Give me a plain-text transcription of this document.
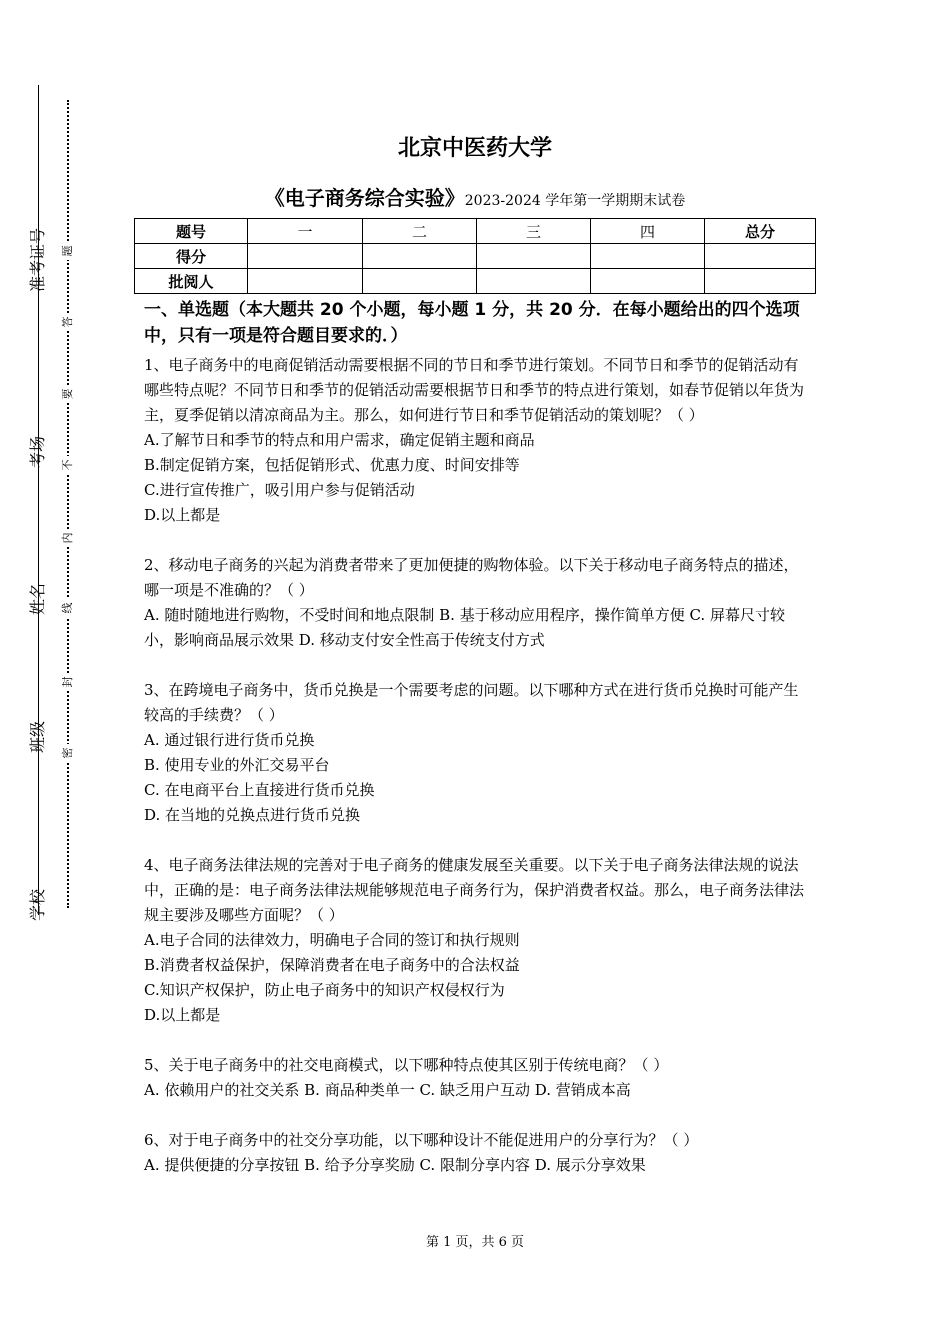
准考证号
考场
姓名
班级
学校
题
答
要
不
内
线
封
密
北京中医药大学
《电子商务综合实验》2023-2024 学年第一学期期末试卷
题号	一	二	三	四	总分
得分					
批阅人					

一、单选题（本大题共 20 个小题，每小题 1 分，共 20 分．在每小题给出的四个选项中，只有一项是符合题目要求的．）

1、电子商务中的电商促销活动需要根据不同的节日和季节进行策划。不同节日和季节的促销活动有哪些特点呢？不同节日和季节的促销活动需要根据节日和季节的特点进行策划，如春节促销以年货为主，夏季促销以清凉商品为主。那么，如何进行节日和季节促销活动的策划呢？（ ）

A.了解节日和季节的特点和用户需求，确定促销主题和商品

B.制定促销方案，包括促销形式、优惠力度、时间安排等

C.进行宣传推广，吸引用户参与促销活动

D.以上都是

2、移动电子商务的兴起为消费者带来了更加便捷的购物体验。以下关于移动电子商务特点的描述，哪一项是不准确的？（ ）

A. 随时随地进行购物，不受时间和地点限制 B. 基于移动应用程序，操作简单方便 C. 屏幕尺寸较小，影响商品展示效果 D. 移动支付安全性高于传统支付方式

3、在跨境电子商务中，货币兑换是一个需要考虑的问题。以下哪种方式在进行货币兑换时可能产生较高的手续费？（ ）

A. 通过银行进行货币兑换

B. 使用专业的外汇交易平台

C. 在电商平台上直接进行货币兑换

D. 在当地的兑换点进行货币兑换

4、电子商务法律法规的完善对于电子商务的健康发展至关重要。以下关于电子商务法律法规的说法中，正确的是：电子商务法律法规能够规范电子商务行为，保护消费者权益。那么，电子商务法律法规主要涉及哪些方面呢？（ ）

A.电子合同的法律效力，明确电子合同的签订和执行规则

B.消费者权益保护，保障消费者在电子商务中的合法权益

C.知识产权保护，防止电子商务中的知识产权侵权行为

D.以上都是

5、关于电子商务中的社交电商模式，以下哪种特点使其区别于传统电商？（ ）

A. 依赖用户的社交关系 B. 商品种类单一 C. 缺乏用户互动 D. 营销成本高

6、对于电子商务中的社交分享功能，以下哪种设计不能促进用户的分享行为？（ ）

A. 提供便捷的分享按钮 B. 给予分享奖励 C. 限制分享内容 D. 展示分享效果

第 1 页，共 6 页
